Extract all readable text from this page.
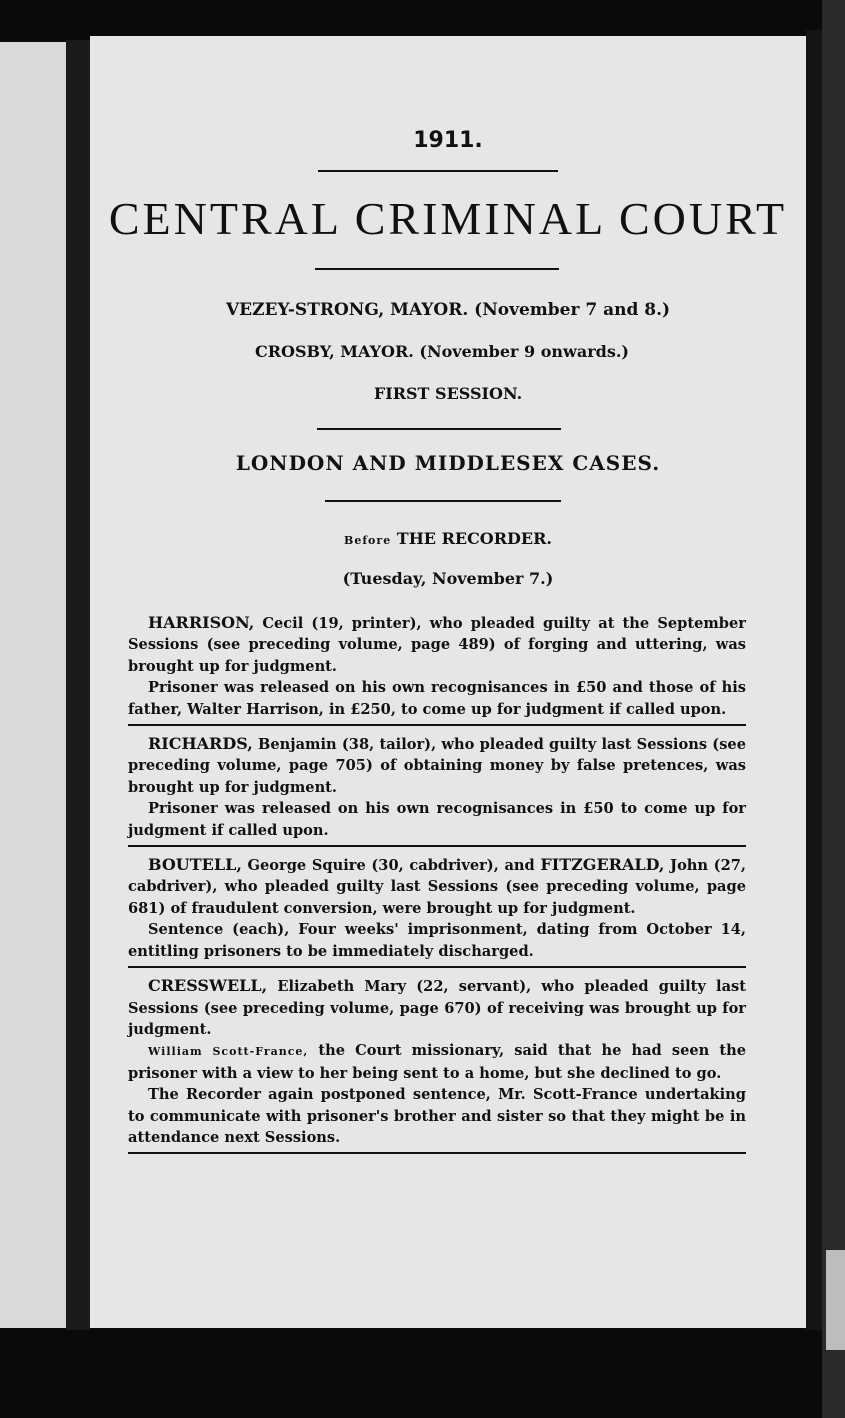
1911.
CENTRAL CRIMINAL COURT
VEZEY-STRONG, MAYOR. (November 7 and 8.)
CROSBY, MAYOR. (November 9 onwards.)
FIRST SESSION.
LONDON AND MIDDLESEX CASES.
Before THE RECORDER.
(Tuesday, November 7.)

HARRISON, Cecil (19, printer), who pleaded guilty at the September Sessions (see preceding volume, page 489) of forging and uttering, was brought up for judgment.

Prisoner was released on his own recognisances in £50 and those of his father, Walter Harrison, in £250, to come up for judgment if called upon.

RICHARDS, Benjamin (38, tailor), who pleaded guilty last Sessions (see preceding volume, page 705) of obtaining money by false pretences, was brought up for judgment.

Prisoner was released on his own recognisances in £50 to come up for judgment if called upon.

BOUTELL, George Squire (30, cabdriver), and FITZGERALD, John (27, cabdriver), who pleaded guilty last Sessions (see preceding volume, page 681) of fraudulent conversion, were brought up for judgment.

Sentence (each), Four weeks' imprisonment, dating from October 14, entitling prisoners to be immediately discharged.

CRESSWELL, Elizabeth Mary (22, servant), who pleaded guilty last Sessions (see preceding volume, page 670) of receiving was brought up for judgment.

William Scott-France, the Court missionary, said that he had seen the prisoner with a view to her being sent to a home, but she declined to go.

The Recorder again postponed sentence, Mr. Scott-France undertaking to communicate with prisoner's brother and sister so that they might be in attendance next Sessions.
